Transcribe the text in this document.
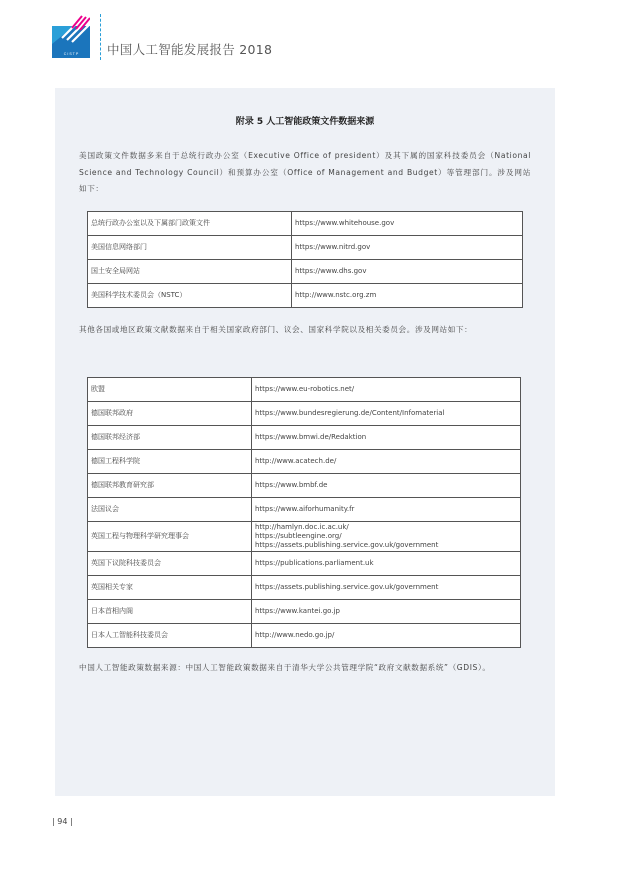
C I S T P 中国人工智能发展报告 2018
附录 5 人工智能政策文件数据来源

美国政策文件数据多来自于总统行政办公室（Executive Office of president）及其下属的国家科技委员会（National Science and Technology Council）和预算办公室（Office of Management and Budget）等管理部门。涉及网站如下：

总统行政办公室以及下属部门政策文件	https://www.whitehouse.gov

美国信息网络部门	https://www.nitrd.gov

国土安全局网站	https://www.dhs.gov

美国科学技术委员会（NSTC）	http://www.nstc.org.zm

其他各国或地区政策文献数据来自于相关国家政府部门、议会、国家科学院以及相关委员会。涉及网站如下：

欧盟	https://www.eu-robotics.net/

德国联邦政府	https://www.bundesregierung.de/Content/Infomaterial

德国联邦经济部	https://www.bmwi.de/Redaktion

德国工程科学院	http://www.acatech.de/

德国联邦教育研究部	https://www.bmbf.de

法国议会	https://www.aiforhumanity.fr

英国工程与物理科学研究理事会	http://hamlyn.doc.ic.ac.uk/
https://subtleengine.org/
https://assets.publishing.service.gov.uk/government

英国下议院科技委员会	https://publications.parliament.uk

英国相关专家	https://assets.publishing.service.gov.uk/government

日本首相内阁	https://www.kantei.go.jp

日本人工智能科技委员会	http://www.nedo.go.jp/

中国人工智能政策数据来源：中国人工智能政策数据来自于清华大学公共管理学院“政府文献数据系统”（GDIS）。

| 94 |
